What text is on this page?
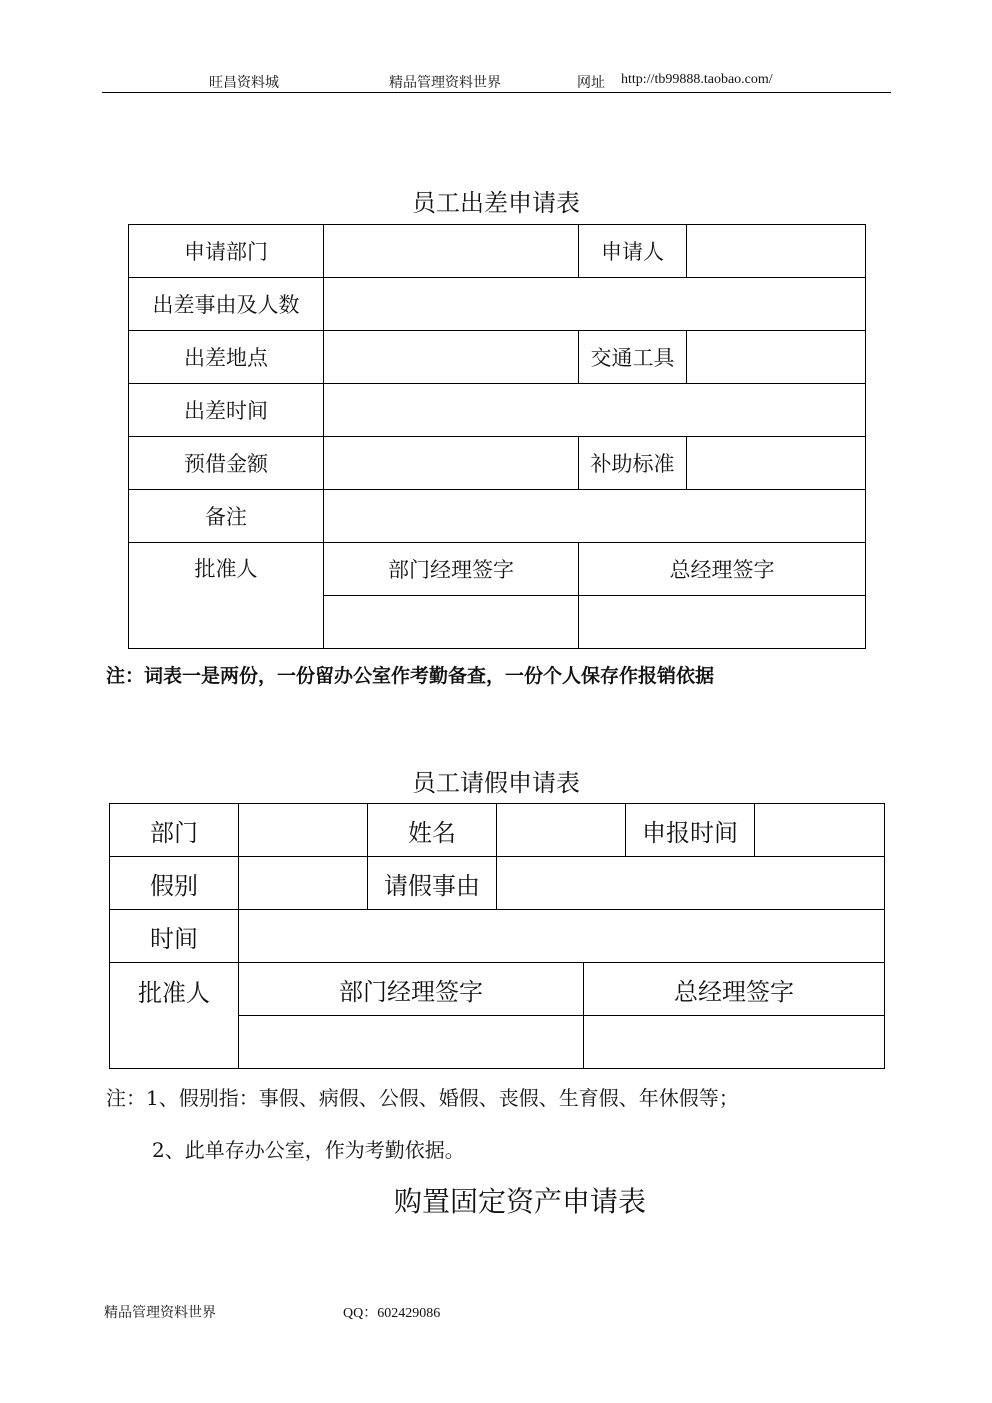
旺昌资料城	精品管理资料世界	网址 http://tb99888.taobao.com/
员工出差申请表
申请部门		申请人	
出差事由及人数			
出差地点		交通工具	
出差时间			
预借金额		补助标准	
备注			
批准人	部门经理签字	总经理签字	

注：词表一是两份，一份留办公室作考勤备查，一份个人保存作报销依据
员工请假申请表
部门		姓名			申报时间	
假别		请假事由				
时间						
批准人	部门经理签字			总经理签字		

注：1、假别指：事假、病假、公假、婚假、丧假、生育假、年休假等；
2、此单存办公室，作为考勤依据。
购置固定资产申请表
精品管理资料世界	QQ：602429086
